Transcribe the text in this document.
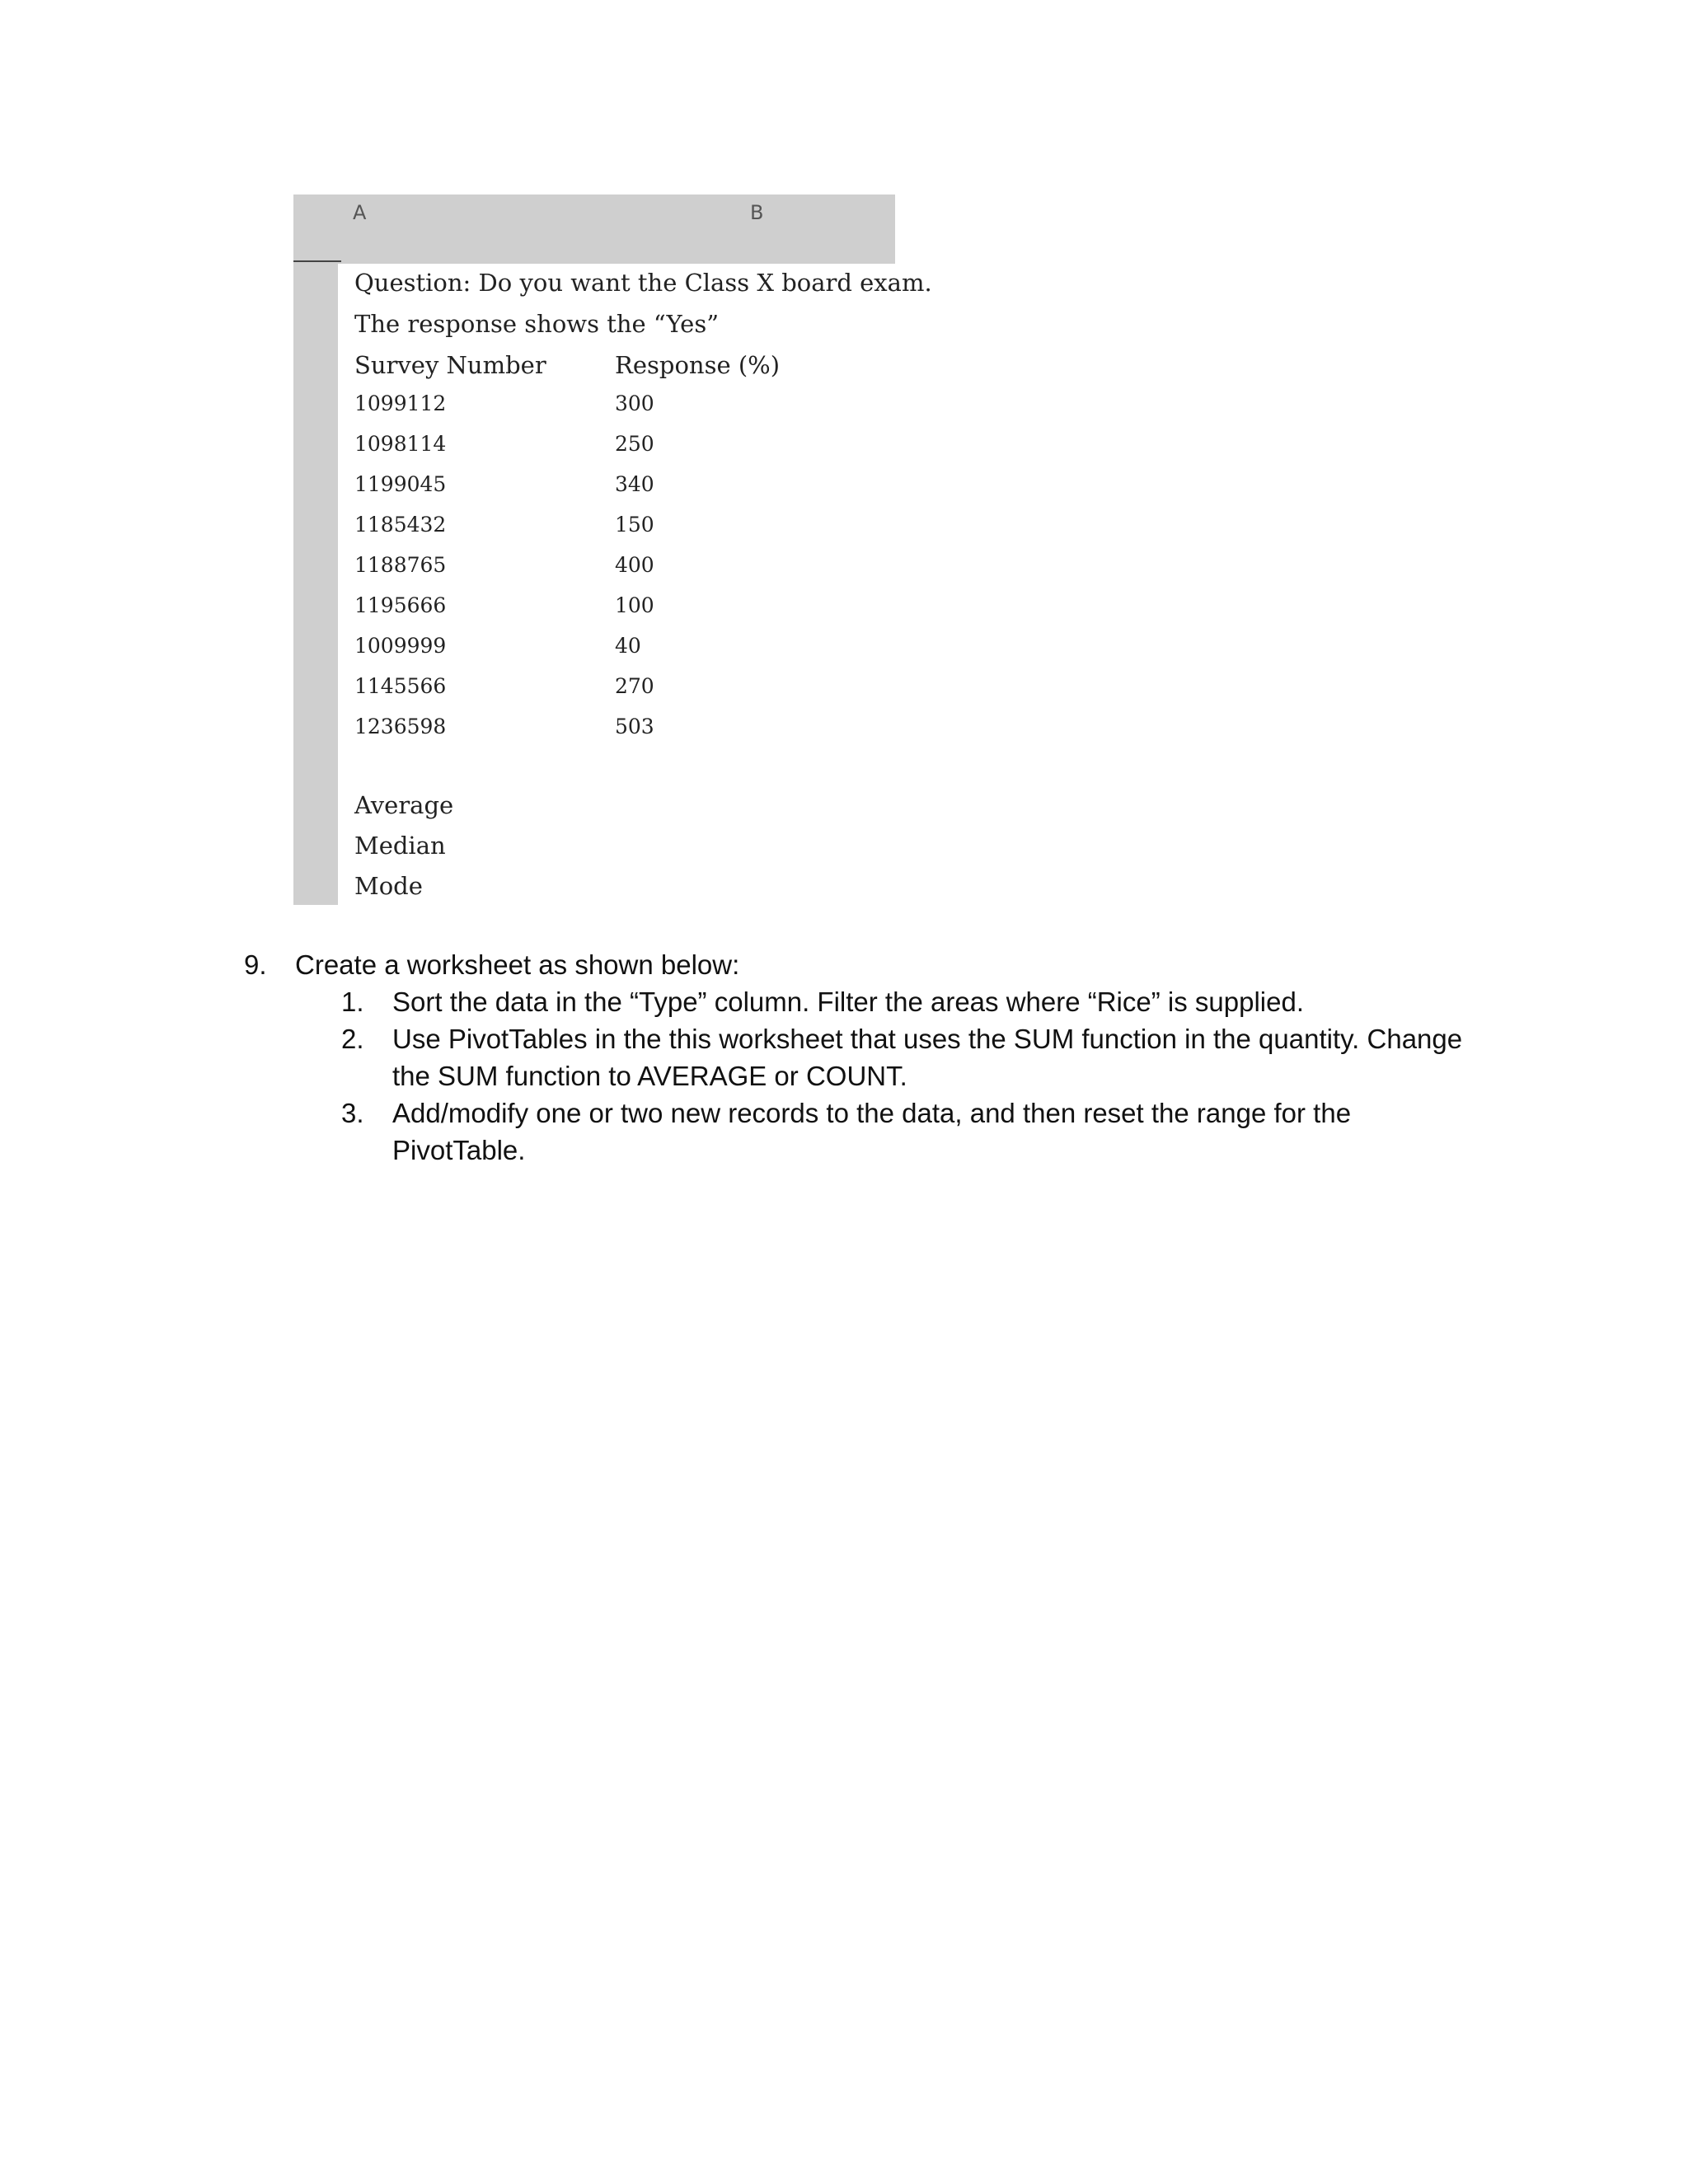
A	B
Question: Do you want the Class X board exam.
The response shows the “Yes”
Survey Number	Response (%)
1099112	300
1098114	250
1199045	340
1185432	150
1188765	400
1195666	100
1009999	40
1145566	270
1236598	503
Average
Median
Mode
9. Create a worksheet as shown below:
1. Sort the data in the “Type” column. Filter the areas where “Rice” is supplied.
2. Use PivotTables in the this worksheet that uses the SUM function in the quantity. Change the SUM function to AVERAGE or COUNT.
3. Add/modify one or two new records to the data, and then reset the range for the PivotTable.
